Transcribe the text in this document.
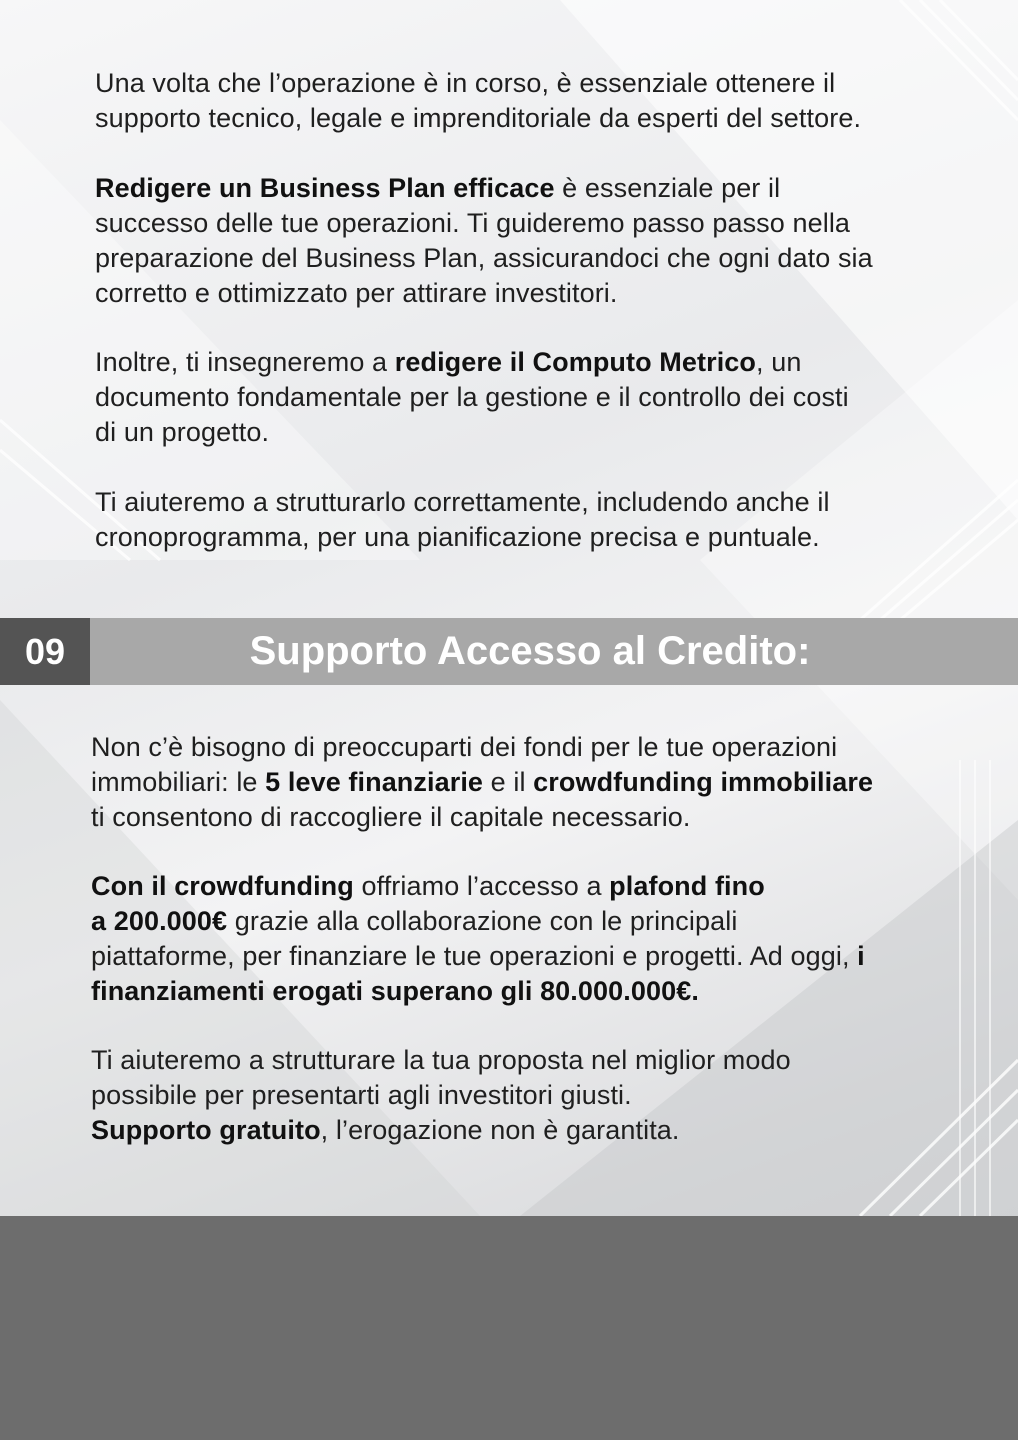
Una volta che l’operazione è in corso, è essenziale ottenere il
supporto tecnico, legale e imprenditoriale da esperti del settore.

Redigere un Business Plan efficace è essenziale per il
successo delle tue operazioni. Ti guideremo passo passo nella
preparazione del Business Plan, assicurandoci che ogni dato sia
corretto e ottimizzato per attirare investitori.

Inoltre, ti insegneremo a redigere il Computo Metrico, un
documento fondamentale per la gestione e il controllo dei costi
di un progetto.

Ti aiuteremo a strutturarlo correttamente, includendo anche il
cronoprogramma, per una pianificazione precisa e puntuale.

09	Supporto Accesso al Credito:

Non c’è bisogno di preoccuparti dei fondi per le tue operazioni
immobiliari: le 5 leve finanziarie e il crowdfunding immobiliare
ti consentono di raccogliere il capitale necessario.

Con il crowdfunding offriamo l’accesso a plafond fino
a 200.000€ grazie alla collaborazione con le principali
piattaforme, per finanziare le tue operazioni e progetti. Ad oggi, i
finanziamenti erogati superano gli 80.000.000€.

Ti aiuteremo a strutturare la tua proposta nel miglior modo
possibile per presentarti agli investitori giusti.
Supporto gratuito, l’erogazione non è garantita.
